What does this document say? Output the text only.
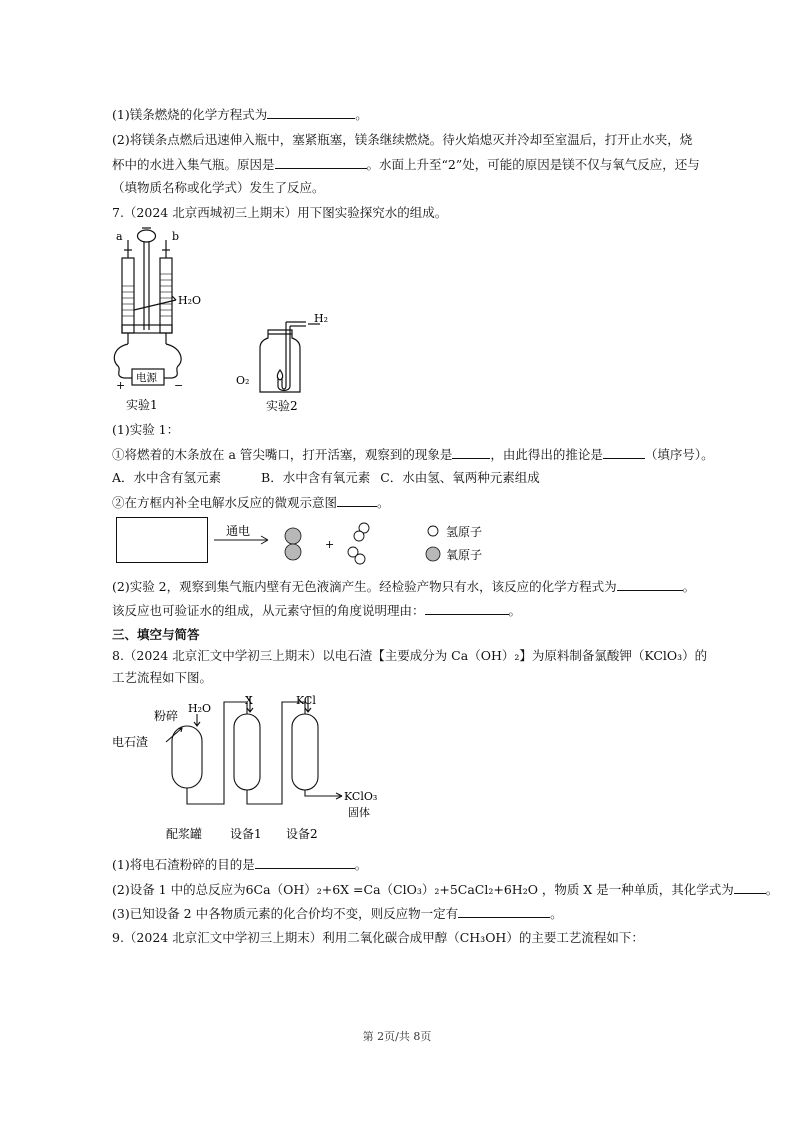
(1)镁条燃烧的化学方程式为	。
(2)将镁条点燃后迅速伸入瓶中，塞紧瓶塞，镁条继续燃烧。待火焰熄灭并冷却至室温后，打开止水夹，烧
杯中的水进入集气瓶。原因是	。水面上升至“2”处，可能的原因是镁不仅与氧气反应，还与
（填物质名称或化学式）发生了反应。
7.（2024 北京西城初三上期末）用下图实验探究水的组成。
a	b
H₂O
电源
+	−
实验1
H₂
O₂
实验2
(1)实验 1：
①将燃着的木条放在 a 管尖嘴口，打开活塞，观察到的现象是	，由此得出的推论是	（填序号）。
A．水中含有氢元素	B．水中含有氧元素 C．水由氢、氧两种元素组成
②在方框内补全电解水反应的微观示意图	。
通电
+
氢原子
氧原子
(2)实验 2，观察到集气瓶内壁有无色液滴产生。经检验产物只有水，该反应的化学方程式为	。
该反应也可验证水的组成，从元素守恒的角度说明理由：	。
三、填空与简答
8.（2024 北京汇文中学初三上期末）以电石渣【主要成分为 Ca（OH）₂】为原料制备氯酸钾（KClO₃）的
工艺流程如下图。
电石渣
粉碎
H₂O
X	KCl
KClO₃
固体
配浆罐 设备1 设备2
(1)将电石渣粉碎的目的是	。
(2)设备 1 中的总反应为6Ca（OH）₂+6X =Ca（ClO₃）₂+5CaCl₂+6H₂O ，物质 X 是一种单质，其化学式为	。
(3)已知设备 2 中各物质元素的化合价均不变，则反应物一定有	。
9.（2024 北京汇文中学初三上期末）利用二氧化碳合成甲醇（CH₃OH）的主要工艺流程如下：
第 2页/共 8页
